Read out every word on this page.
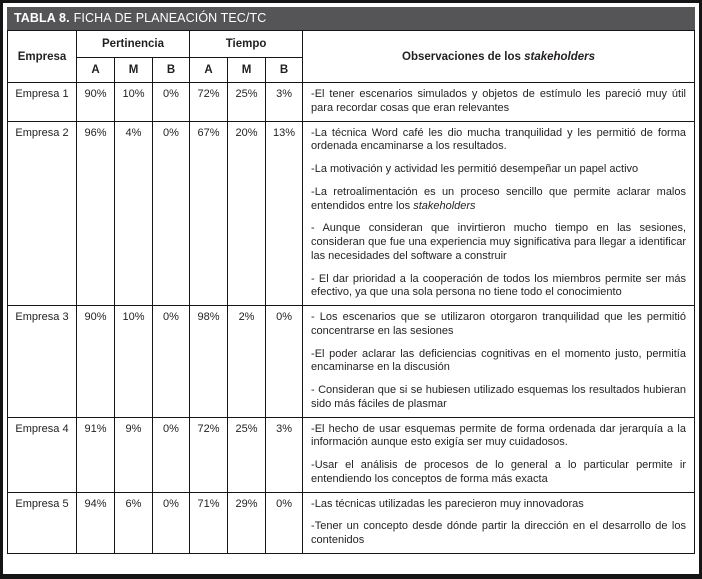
TABLA 8. FICHA DE PLANEACIÓN TEC/TC
Empresa	Pertinencia			Tiempo			Observaciones de los stakeholders
	A	M	B	A	M	B	
Empresa 1	90%	10%	0%	72%	25%	3%	-El tener escenarios simulados y objetos de estímulo les pareció muy útil para recordar cosas que eran relevantes

Empresa 2	96%	4%	0%	67%	20%	13%	-La técnica Word café les dio mucha tranquilidad y les permitió de forma ordenada encaminarse a los resultados.

-La motivación y actividad les permitió desempeñar un papel activo

-La retroalimentación es un proceso sencillo que permite aclarar malos entendidos entre los stakeholders

- Aunque consideran que invirtieron mucho tiempo en las sesiones, consideran que fue una experiencia muy significativa para llegar a identificar las necesidades del software a construir

- El dar prioridad a la cooperación de todos los miembros permite ser más efectivo, ya que una sola persona no tiene todo el conocimiento

Empresa 3	90%	10%	0%	98%	2%	0%	- Los escenarios que se utilizaron otorgaron tranquilidad que les permitió concentrarse en las sesiones

-El poder aclarar las deficiencias cognitivas en el momento justo, permitía encaminarse en la discusión

- Consideran que si se hubiesen utilizado esquemas los resultados hubieran sido más fáciles de plasmar

Empresa 4	91%	9%	0%	72%	25%	3%	-El hecho de usar esquemas permite de forma ordenada dar jerarquía a la información aunque esto exigía ser muy cuidadosos.

-Usar el análisis de procesos de lo general a lo particular permite ir entendiendo los conceptos de forma más exacta

Empresa 5	94%	6%	0%	71%	29%	0%	-Las técnicas utilizadas les parecieron muy innovadoras

-Tener un concepto desde dónde partir la dirección en el desarrollo de los contenidos
